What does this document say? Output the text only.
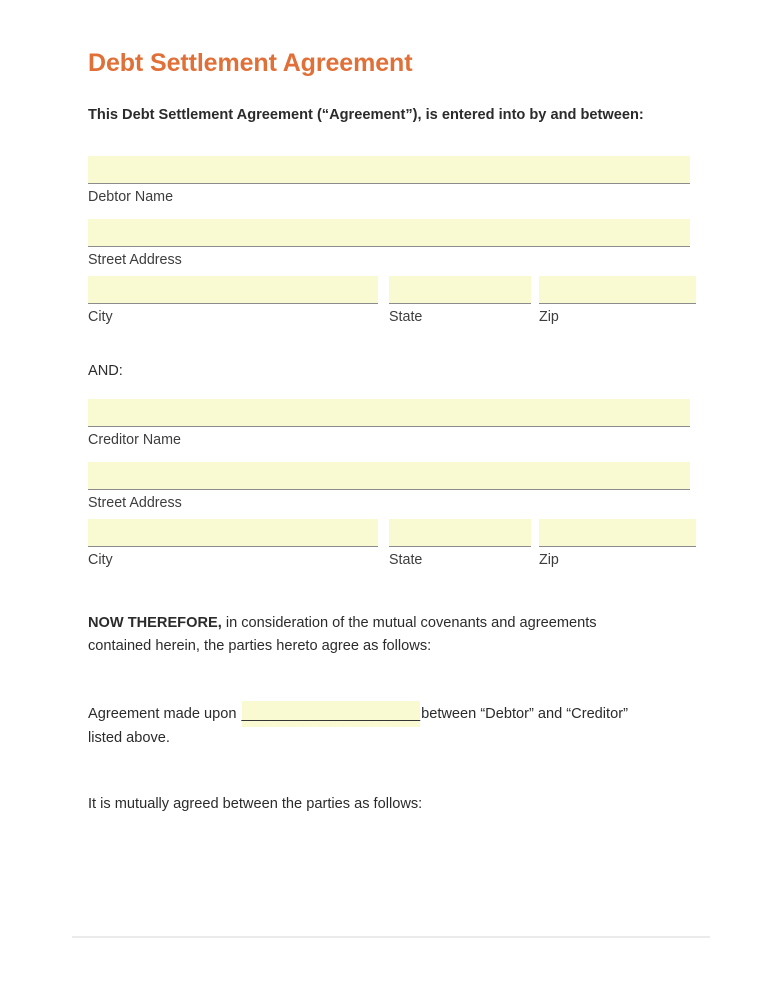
Debt Settlement Agreement

This Debt Settlement Agreement (“Agreement”), is entered into by and between:

Debtor Name
Street Address
City	State	Zip
AND:
Creditor Name
Street Address
City	State	Zip

NOW THEREFORE, in consideration of the mutual covenants and agreements contained herein, the parties hereto agree as follows:

Agreement made upon ______________________between “Debtor” and “Creditor” listed above.

It is mutually agreed between the parties as follows:
